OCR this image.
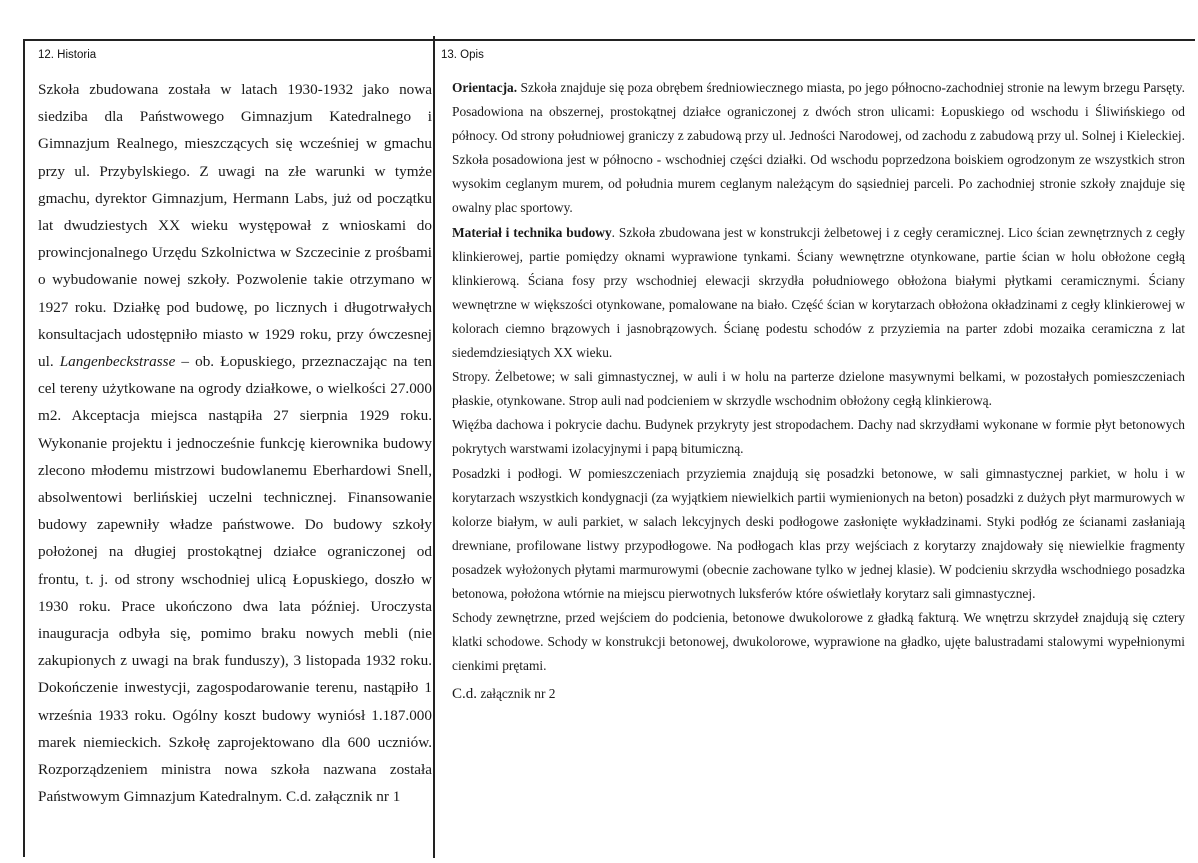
12. Historia	13. Opis

Szkoła zbudowana została w latach 1930-1932 jako nowa siedziba dla Państwowego Gimnazjum Katedralnego i Gimnazjum Realnego, mieszczących się wcześniej w gmachu przy ul. Przybylskiego. Z uwagi na złe warunki w tymże gmachu, dyrektor Gimnazjum, Hermann Labs, już od początku lat dwudziestych XX wieku występował z wnioskami do prowincjonalnego Urzędu Szkolnictwa w Szczecinie z prośbami o wybudowanie nowej szkoły. Pozwolenie takie otrzymano w 1927 roku. Działkę pod budowę, po licznych i długotrwałych konsultacjach udostępniło miasto w 1929 roku, przy ówczesnej ul. Langenbeckstrasse – ob. Łopuskiego, przeznaczając na ten cel tereny użytkowane na ogrody działkowe, o wielkości 27.000 m2. Akceptacja miejsca nastąpiła 27 sierpnia 1929 roku. Wykonanie projektu i jednocześnie funkcję kierownika budowy zlecono młodemu mistrzowi budowlanemu Eberhardowi Snell, absolwentowi berlińskiej uczelni technicznej. Finansowanie budowy zapewniły władze państwowe. Do budowy szkoły położonej na długiej prostokątnej działce ograniczonej od frontu, t. j. od strony wschodniej ulicą Łopuskiego, doszło w 1930 roku. Prace ukończono dwa lata później. Uroczysta inauguracja odbyła się, pomimo braku nowych mebli (nie zakupionych z uwagi na brak funduszy), 3 listopada 1932 roku. Dokończenie inwestycji, zagospodarowanie terenu, nastąpiło 1 września 1933 roku. Ogólny koszt budowy wyniósł 1.187.000 marek niemieckich. Szkołę zaprojektowano dla 600 uczniów. Rozporządzeniem ministra nowa szkoła nazwana została Państwowym Gimnazjum Katedralnym. C.d. załącznik nr 1

Orientacja. Szkoła znajduje się poza obrębem średniowiecznego miasta, po jego północno-zachodniej stronie na lewym brzegu Parsęty. Posadowiona na obszernej, prostokątnej działce ograniczonej z dwóch stron ulicami: Łopuskiego od wschodu i Śliwińskiego od północy. Od strony południowej graniczy z zabudową przy ul. Jedności Narodowej, od zachodu z zabudową przy ul. Solnej i Kieleckiej. Szkoła posadowiona jest w północno - wschodniej części działki. Od wschodu poprzedzona boiskiem ogrodzonym ze wszystkich stron wysokim ceglanym murem, od południa murem ceglanym należącym do sąsiedniej parceli. Po zachodniej stronie szkoły znajduje się owalny plac sportowy.

Materiał i technika budowy. Szkoła zbudowana jest w konstrukcji żelbetowej i z cegły ceramicznej. Lico ścian zewnętrznych z cegły klinkierowej, partie pomiędzy oknami wyprawione tynkami. Ściany wewnętrzne otynkowane, partie ścian w holu obłożone cegłą klinkierową. Ściana fosy przy wschodniej elewacji skrzydła południowego obłożona białymi płytkami ceramicznymi. Ściany wewnętrzne w większości otynkowane, pomalowane na biało. Część ścian w korytarzach obłożona okładzinami z cegły klinkierowej w kolorach ciemno brązowych i jasnobrązowych. Ścianę podestu schodów z przyziemia na parter zdobi mozaika ceramiczna z lat siedemdziesiątych XX wieku.

Stropy. Żelbetowe; w sali gimnastycznej, w auli i w holu na parterze dzielone masywnymi belkami, w pozostałych pomieszczeniach płaskie, otynkowane. Strop auli nad podcieniem w skrzydle wschodnim obłożony cegłą klinkierową.

Więźba dachowa i pokrycie dachu. Budynek przykryty jest stropodachem. Dachy nad skrzydłami wykonane w formie płyt betonowych pokrytych warstwami izolacyjnymi i papą bitumiczną.

Posadzki i podłogi. W pomieszczeniach przyziemia znajdują się posadzki betonowe, w sali gimnastycznej parkiet, w holu i w korytarzach wszystkich kondygnacji (za wyjątkiem niewielkich partii wymienionych na beton) posadzki z dużych płyt marmurowych w kolorze białym, w auli parkiet, w salach lekcyjnych deski podłogowe zasłonięte wykładzinami. Styki podłóg ze ścianami zasłaniają drewniane, profilowane listwy przypodłogowe. Na podłogach klas przy wejściach z korytarzy znajdowały się niewielkie fragmenty posadzek wyłożonych płytami marmurowymi (obecnie zachowane tylko w jednej klasie). W podcieniu skrzydła wschodniego posadzka betonowa, położona wtórnie na miejscu pierwotnych luksferów które oświetlały korytarz sali gimnastycznej.

Schody zewnętrzne, przed wejściem do podcienia, betonowe dwukolorowe z gładką fakturą. We wnętrzu skrzydeł znajdują się cztery klatki schodowe. Schody w konstrukcji betonowej, dwukolorowe, wyprawione na gładko, ujęte balustradami stalowymi wypełnionymi cienkimi prętami.

C.d. załącznik nr 2
